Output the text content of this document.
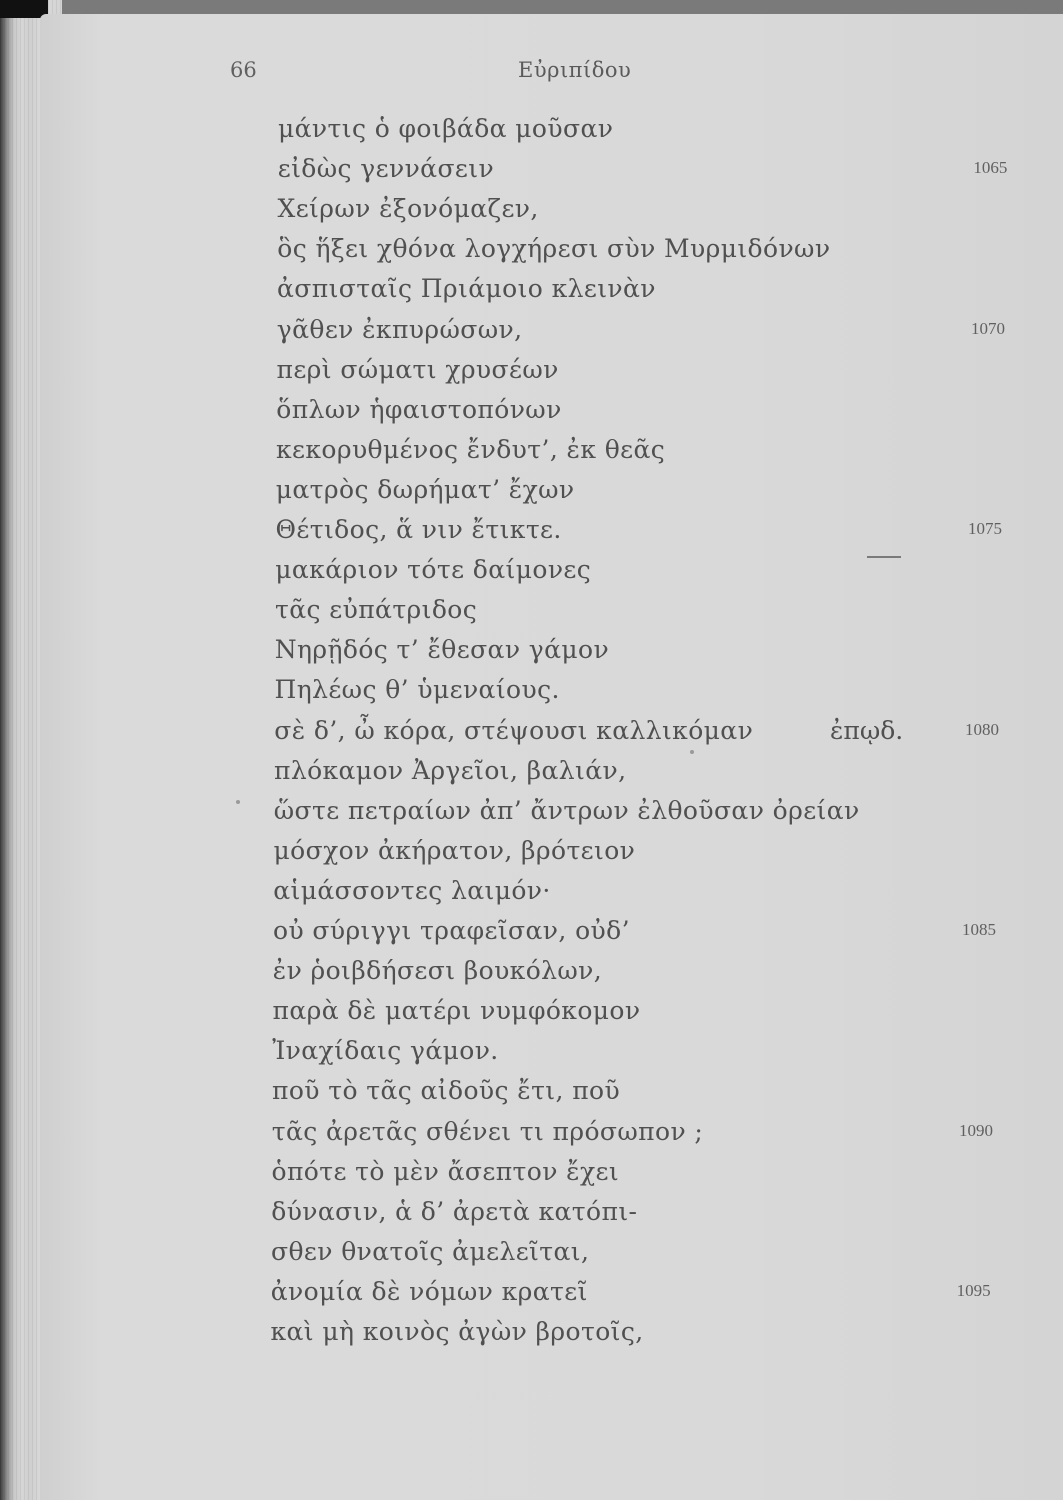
66	Εὐριπίδου
μάντις ὁ φοιβάδα μοῦσαν
εἰδὼς γεννάσειν	1065
Χείρων ἐξονόμαζεν,
ὃς ἥξει χθόνα λογχήρεσι σὺν Μυρμιδόνων
ἀσπισταῖς Πριάμοιο κλεινὰν
γᾶθεν ἐκπυρώσων,	1070
περὶ σώματι χρυσέων
ὅπλων ἡφαιστοπόνων
κεκορυθμένος ἔνδυτ’, ἐκ θεᾶς
ματρὸς δωρήματ’ ἔχων
Θέτιδος, ἅ νιν ἔτικτε.	1075
μακάριον τότε δαίμονες
τᾶς εὐπάτριδος
Νηρῇδός τ’ ἔθεσαν γάμον
Πηλέως θ’ ὑμεναίους.
σὲ δ’, ὦ κόρα, στέψουσι καλλικόμαν	ἐπῳδ.	1080
πλόκαμον Ἀργεῖοι, βαλιάν,
ὥστε πετραίων ἀπ’ ἄντρων ἐλθοῦσαν ὀρείαν
μόσχον ἀκήρατον, βρότειον
αἱμάσσοντες λαιμόν·
οὐ σύριγγι τραφεῖσαν, οὐδ’	1085
ἐν ῥοιβδήσεσι βουκόλων,
παρὰ δὲ ματέρι νυμφόκομον
Ἰναχίδαις γάμον.
ποῦ τὸ τᾶς αἰδοῦς ἔτι, ποῦ
τᾶς ἀρετᾶς σθένει τι πρόσωπον ;	1090
ὁπότε τὸ μὲν ἄσεπτον ἔχει
δύνασιν, ἁ δ’ ἀρετὰ κατόπι-
σθεν θνατοῖς ἀμελεῖται,
ἀνομία δὲ νόμων κρατεῖ	1095
καὶ μὴ κοινὸς ἀγὼν βροτοῖς,
